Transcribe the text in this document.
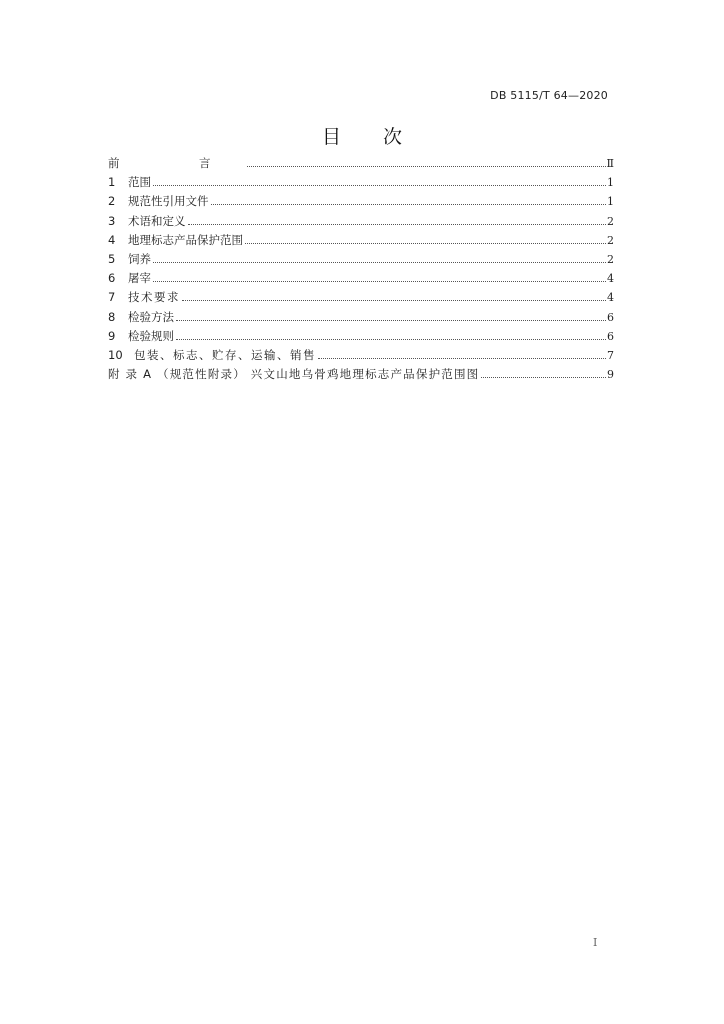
DB 5115/T 64—2020
目 次
前　言	Ⅱ
1	范围	1
2	规范性引用文件	1
3	术语和定义	2
4	地理标志产品保护范围	2
5	饲养	2
6	屠宰	4
7	技术要求	4
8	检验方法	6
9	检验规则	6
10 包装、标志、贮存、运输、销售	7
附 录 A （规范性附录） 兴文山地乌骨鸡地理标志产品保护范围图	9
I
